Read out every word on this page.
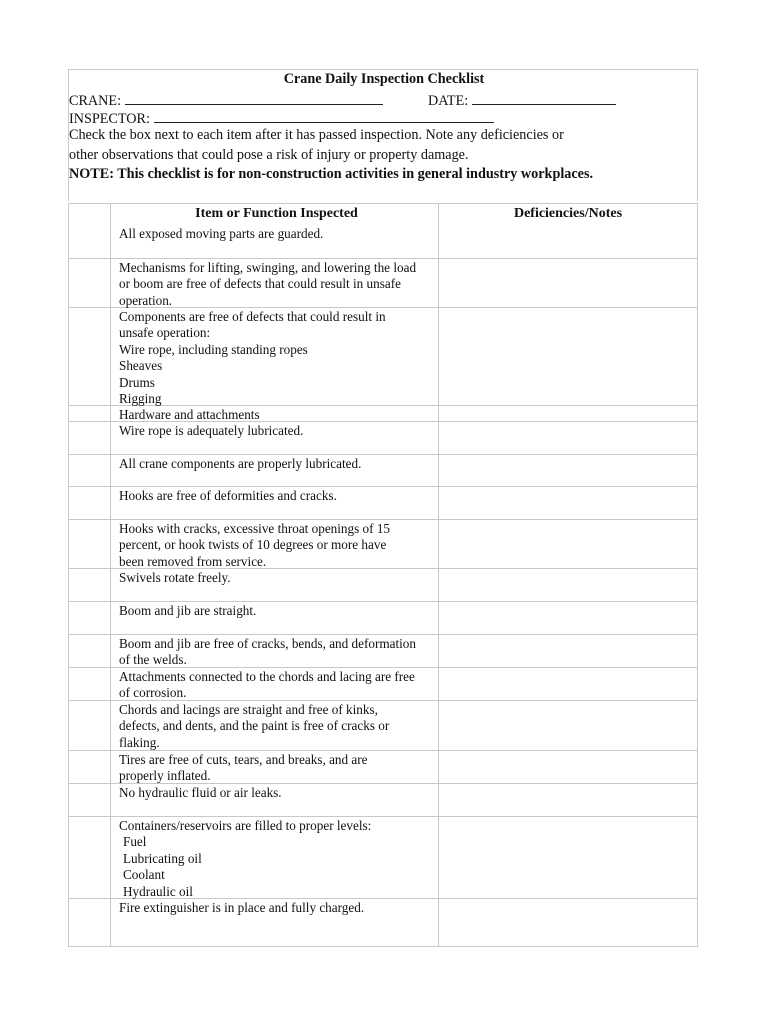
Crane Daily Inspection Checklist
CRANE:	DATE:
INSPECTOR:
Check the box next to each item after it has passed inspection. Note any deficiencies or
other observations that could pose a risk of injury or property damage.
NOTE: This checklist is for non-construction activities in general industry workplaces.
Item or Function Inspected	Deficiencies/Notes
All exposed moving parts are guarded.
Mechanisms for lifting, swinging, and lowering the load
or boom are free of defects that could result in unsafe
operation.
Components are free of defects that could result in
unsafe operation:
Wire rope, including standing ropes
Sheaves
Drums
Rigging
Hardware and attachments
Wire rope is adequately lubricated.
All crane components are properly lubricated.
Hooks are free of deformities and cracks.
Hooks with cracks, excessive throat openings of 15
percent, or hook twists of 10 degrees or more have
been removed from service.
Swivels rotate freely.
Boom and jib are straight.
Boom and jib are free of cracks, bends, and deformation
of the welds.
Attachments connected to the chords and lacing are free
of corrosion.
Chords and lacings are straight and free of kinks,
defects, and dents, and the paint is free of cracks or
flaking.
Tires are free of cuts, tears, and breaks, and are
properly inflated.
No hydraulic fluid or air leaks.
Containers/reservoirs are filled to proper levels:
Fuel
Lubricating oil
Coolant
Hydraulic oil
Fire extinguisher is in place and fully charged.
